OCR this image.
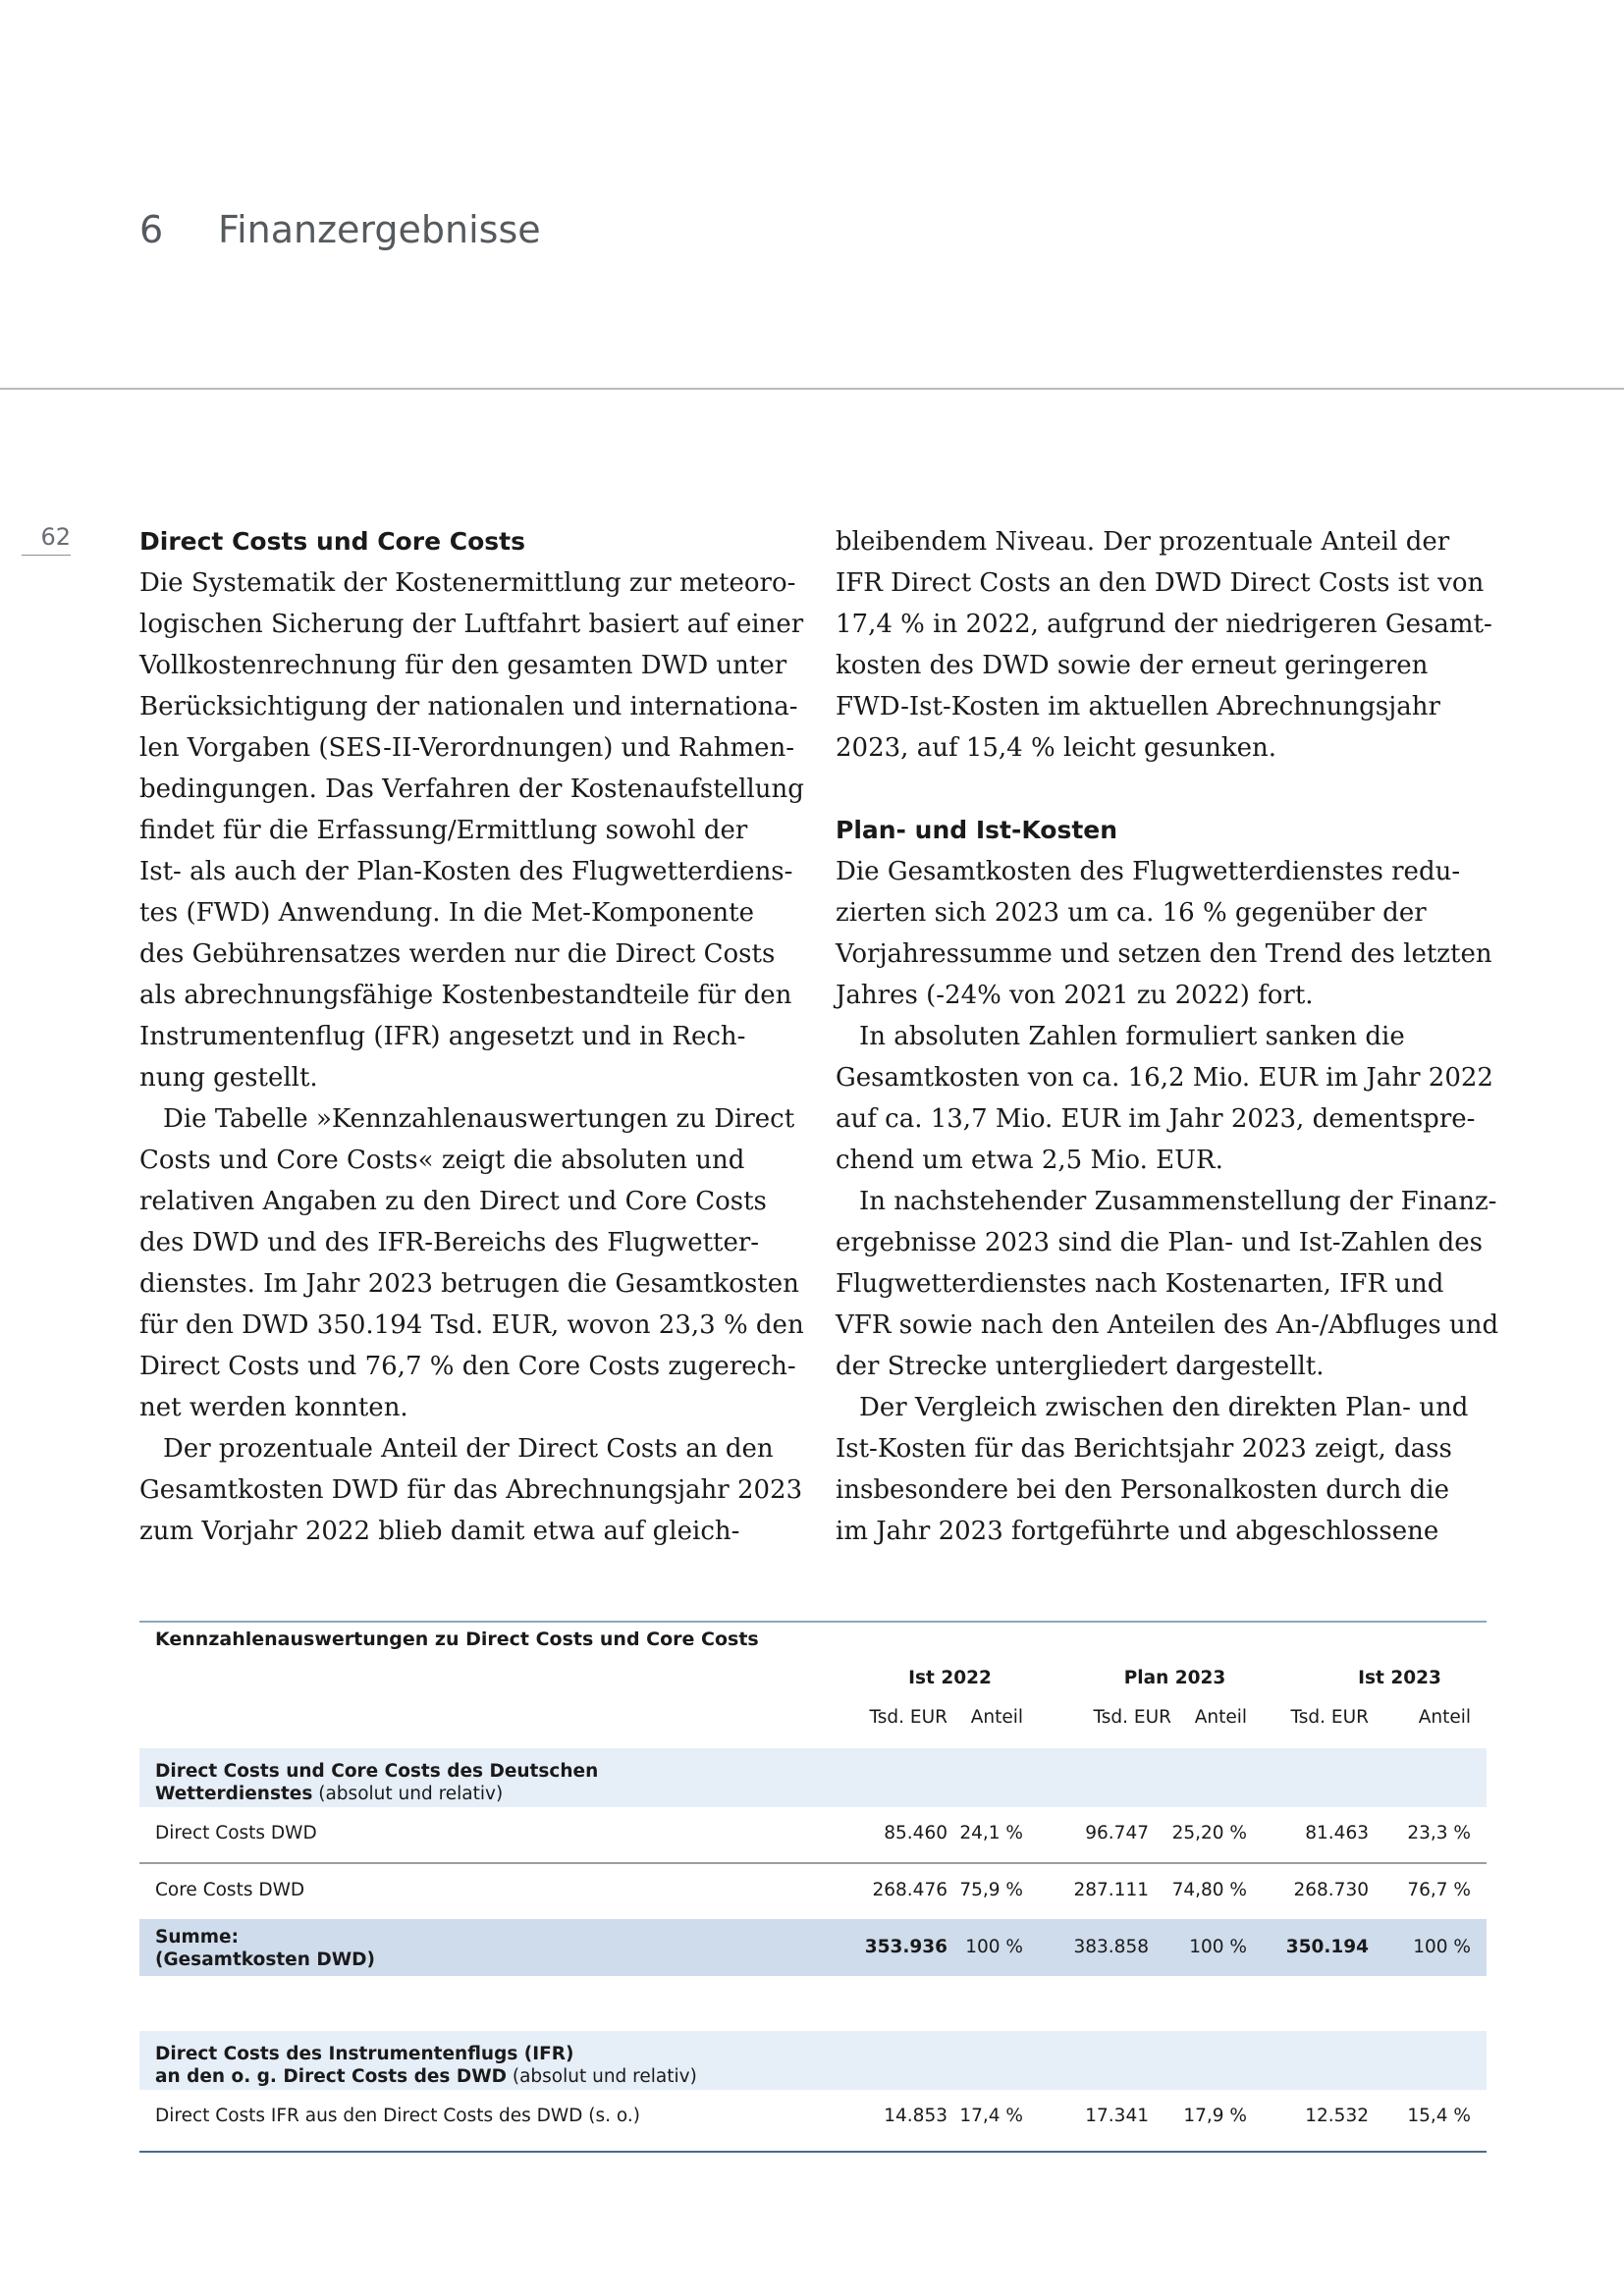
6 Finanzergebnisse
62	Direct Costs und Core Costs

Die Systematik der Kostenermittlung zur meteoro-

logischen Sicherung der Luftfahrt basiert auf einer

Vollkostenrechnung für den gesamten DWD unter

Berücksichtigung der nationalen und internationa-

len Vorgaben (SES-II-Verordnungen) und Rahmen-

bedingungen. Das Verfahren der Kostenaufstellung

findet für die Erfassung/Ermittlung sowohl der

Ist- als auch der Plan-Kosten des Flugwetterdiens-

tes (FWD) Anwendung. In die Met-Komponente

des Gebührensatzes werden nur die Direct Costs

als abrechnungsfähige Kostenbestandteile für den

Instrumentenflug (IFR) angesetzt und in Rech-

nung gestellt.

Die Tabelle »Kennzahlenauswertungen zu Direct

Costs und Core Costs« zeigt die absoluten und

relativen Angaben zu den Direct und Core Costs

des DWD und des IFR-Bereichs des Flugwetter-

dienstes. Im Jahr 2023 betrugen die Gesamtkosten

für den DWD 350.194 Tsd. EUR, wovon 23,3 % den

Direct Costs und 76,7 % den Core Costs zugerech-

net werden konnten.

Der prozentuale Anteil der Direct Costs an den

Gesamtkosten DWD für das Abrechnungsjahr 2023

zum Vorjahr 2022 blieb damit etwa auf gleich-

bleibendem Niveau. Der prozentuale Anteil der

IFR Direct Costs an den DWD Direct Costs ist von

17,4 % in 2022, aufgrund der niedrigeren Gesamt-

kosten des DWD sowie der erneut geringeren

FWD-Ist-Kosten im aktuellen Abrechnungsjahr

2023, auf 15,4 % leicht gesunken.

Plan- und Ist-Kosten

Die Gesamtkosten des Flugwetterdienstes redu-

zierten sich 2023 um ca. 16 % gegenüber der

Vorjahressumme und setzen den Trend des letzten

Jahres (-24% von 2021 zu 2022) fort.

In absoluten Zahlen formuliert sanken die

Gesamtkosten von ca. 16,2 Mio. EUR im Jahr 2022

auf ca. 13,7 Mio. EUR im Jahr 2023, dementspre-

chend um etwa 2,5 Mio. EUR.

In nachstehender Zusammenstellung der Finanz-

ergebnisse 2023 sind die Plan- und Ist-Zahlen des

Flugwetterdienstes nach Kostenarten, IFR und

VFR sowie nach den Anteilen des An-/Abfluges und

der Strecke untergliedert dargestellt.

Der Vergleich zwischen den direkten Plan- und

Ist-Kosten für das Berichtsjahr 2023 zeigt, dass

insbesondere bei den Personalkosten durch die

im Jahr 2023 fortgeführte und abgeschlossene

Kennzahlenauswertungen zu Direct Costs und Core Costs
Ist 2022	Plan 2023	Ist 2023
Tsd. EUR Anteil	Tsd. EUR Anteil Tsd. EUR	Anteil
Direct Costs und Core Costs des Deutschen
Wetterdienstes (absolut und relativ)
Direct Costs DWD	85.460 24,1 %	96.747 25,20 %	81.463 23,3 %
Core Costs DWD	268.476 75,9 %	287.111 74,80 %	268.730 76,7 %
Summe:
(Gesamtkosten DWD)
353.936 100 %	383.858 100 % 350.194 100 %
Direct Costs des Instrumentenflugs (IFR)
an den o. g. Direct Costs des DWD (absolut und relativ)
Direct Costs IFR aus den Direct Costs des DWD (s. o.)	14.853 17,4 %	17.341 17,9 %	12.532 15,4 %
